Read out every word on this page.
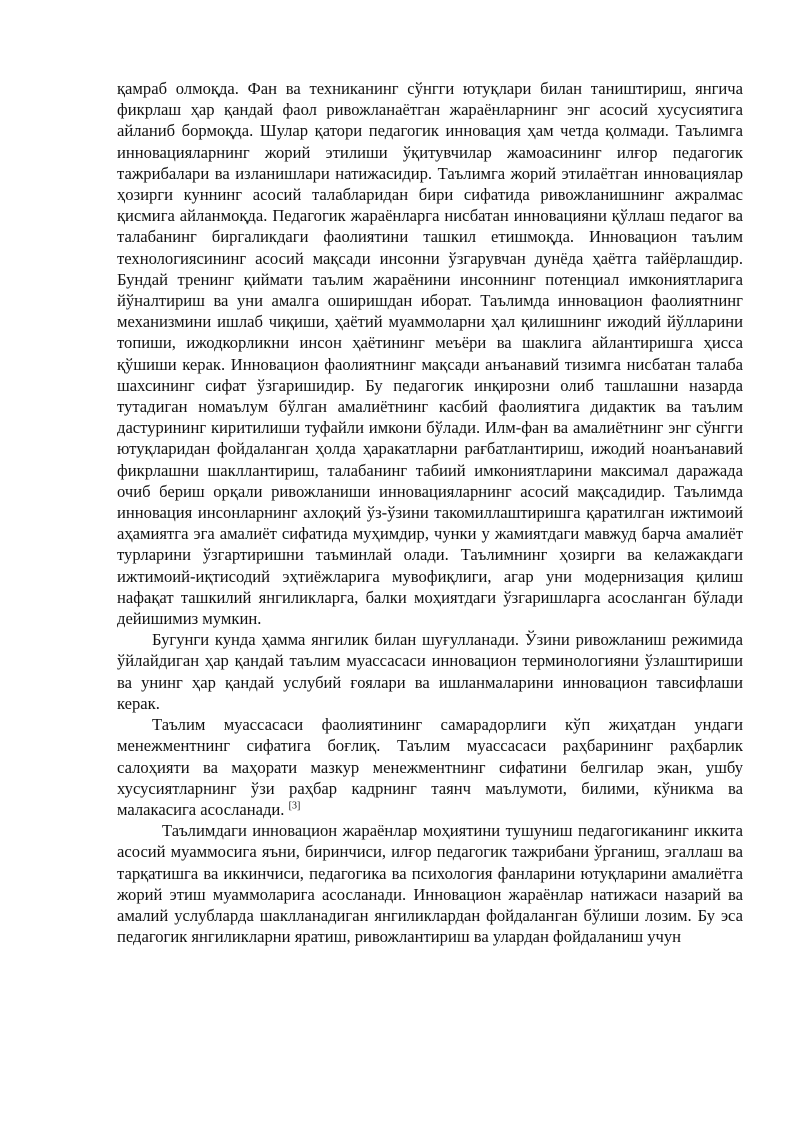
қамраб олмоқда. Фан ва техниканинг сўнгги ютуқлари билан таништириш, янгича фикрлаш ҳар қандай фаол ривожланаётган жараёнларнинг энг асосий хусусиятига айланиб бормоқда. Шулар қатори педагогик инновация ҳам четда қолмади. Таълимга инновацияларнинг жорий этилиши ўқитувчилар жамоасининг илғор педагогик тажрибалари ва изланишлари натижасидир. Таълимга жорий этилаётган инновациялар ҳозирги куннинг асосий талабларидан бири сифатида ривожланишнинг ажралмас қисмига айланмоқда. Педагогик жараёнларга нисбатан инновацияни қўллаш педагог ва талабанинг биргаликдаги фаолиятини ташкил етишмоқда. Инновацион таълим технологиясининг асосий мақсади инсонни ўзгарувчан дунёда ҳаётга тайёрлашдир. Бундай тренинг қиймати таълим жараёнини инсоннинг потенциал имкониятларига йўналтириш ва уни амалга оширишдан иборат. Таълимда инновацион фаолиятнинг механизмини ишлаб чиқиши, ҳаётий муаммоларни ҳал қилишнинг ижодий йўлларини топиши, ижодкорликни инсон ҳаётининг меъёри ва шаклига айлантиришга ҳисса қўшиши керак. Инновацион фаолиятнинг мақсади анъанавий тизимга нисбатан талаба шахсининг сифат ўзгаришидир. Бу педагогик инқирозни олиб ташлашни назарда тутадиган номаълум бўлган амалиётнинг касбий фаолиятига дидактик ва таълим дастурининг киритилиши туфайли имкони бўлади. Илм-фан ва амалиётнинг энг сўнгги ютуқларидан фойдаланган ҳолда ҳаракатларни рағбатлантириш, ижодий ноанъанавий фикрлашни шакллантириш, талабанинг табиий имкониятларини максимал даражада очиб бериш орқали ривожланиши инновацияларнинг асосий мақсадидир. Таълимда инновация инсонларнинг ахлоқий ўз-ўзини такомиллаштиришга қаратилган ижтимоий аҳамиятга эга амалиёт сифатида муҳимдир, чунки у жамиятдаги мавжуд барча амалиёт турларини ўзгартиришни таъминлай олади. Таълимнинг ҳозирги ва келажакдаги ижтимоий-иқтисодий эҳтиёжларига мувофиқлиги, агар уни модернизация қилиш нафақат ташкилий янгиликларга, балки моҳиятдаги ўзгаришларга асосланган бўлади дейишимиз мумкин.

Бугунги кунда ҳамма янгилик билан шуғулланади. Ўзини ривожланиш режимида ўйлайдиган ҳар қандай таълим муассасаси инновацион терминологияни ўзлаштириши ва унинг ҳар қандай услубий ғоялари ва ишланмаларини инновацион тавсифлаши керак.

Таълим муассасаси фаолиятининг самарадорлиги кўп жиҳатдан ундаги менежментнинг сифатига боғлиқ. Таълим муассасаси раҳбарининг раҳбарлик салоҳияти ва маҳорати мазкур менежментнинг сифатини белгилар экан, ушбу хусусиятларнинг ўзи раҳбар кадрнинг таянч маълумоти, билими, кўникма ва малакасига асосланади. [3]

Таълимдаги инновацион жараёнлар моҳиятини тушуниш педагогиканинг иккита асосий муаммосига яъни, биринчиси, илғор педагогик тажрибани ўрганиш, эгаллаш ва тарқатишга ва иккинчиси, педагогика ва психология фанларини ютуқларини амалиётга жорий этиш муаммоларига асосланади. Инновацион жараёнлар натижаси назарий ва амалий услубларда шаклланадиган янгиликлардан фойдаланган бўлиши лозим. Бу эса педагогик янгиликларни яратиш, ривожлантириш ва улардан фойдаланиш учун
